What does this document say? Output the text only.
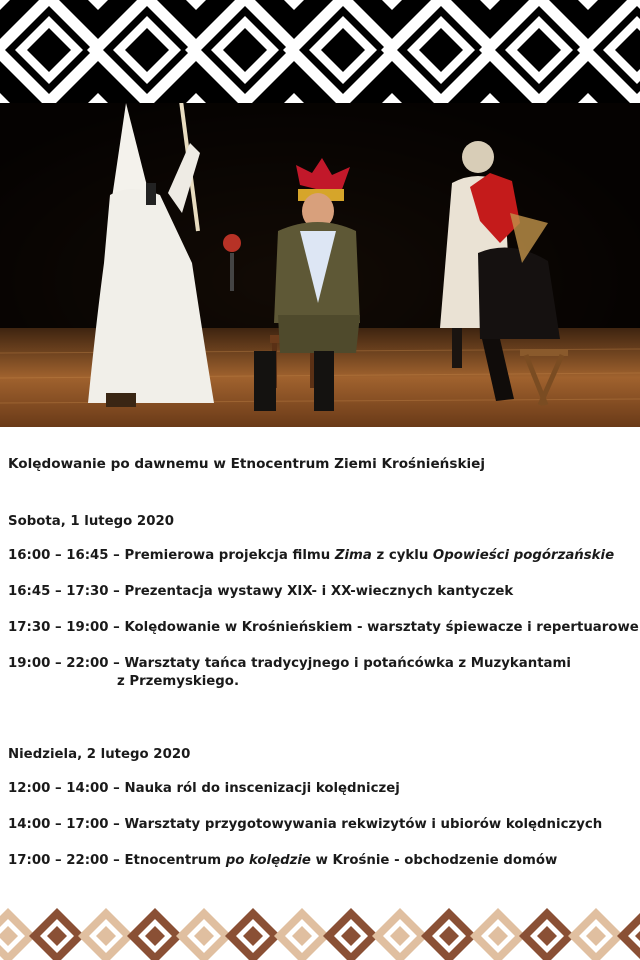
Kolędowanie po dawnemu w Etnocentrum Ziemi Krośnieńskiej
Sobota, 1 lutego 2020
16:00 – 16:45 – Premierowa projekcja filmu Zima z cyklu Opowieści pogórzańskie
16:45 – 17:30 – Prezentacja wystawy XIX- i XX-wiecznych kantyczek
17:30 – 19:00 – Kolędowanie w Krośnieńskiem - warsztaty śpiewacze i repertuarowe
19:00 – 22:00 – Warsztaty tańca tradycyjnego i potańcówka z Muzykantami
z Przemyskiego.
Niedziela, 2 lutego 2020
12:00 – 14:00 – Nauka ról do inscenizacji kolędniczej
14:00 – 17:00 – Warsztaty przygotowywania rekwizytów i ubiorów kolędniczych
17:00 – 22:00 – Etnocentrum po kolędzie w Krośnie - obchodzenie domów
